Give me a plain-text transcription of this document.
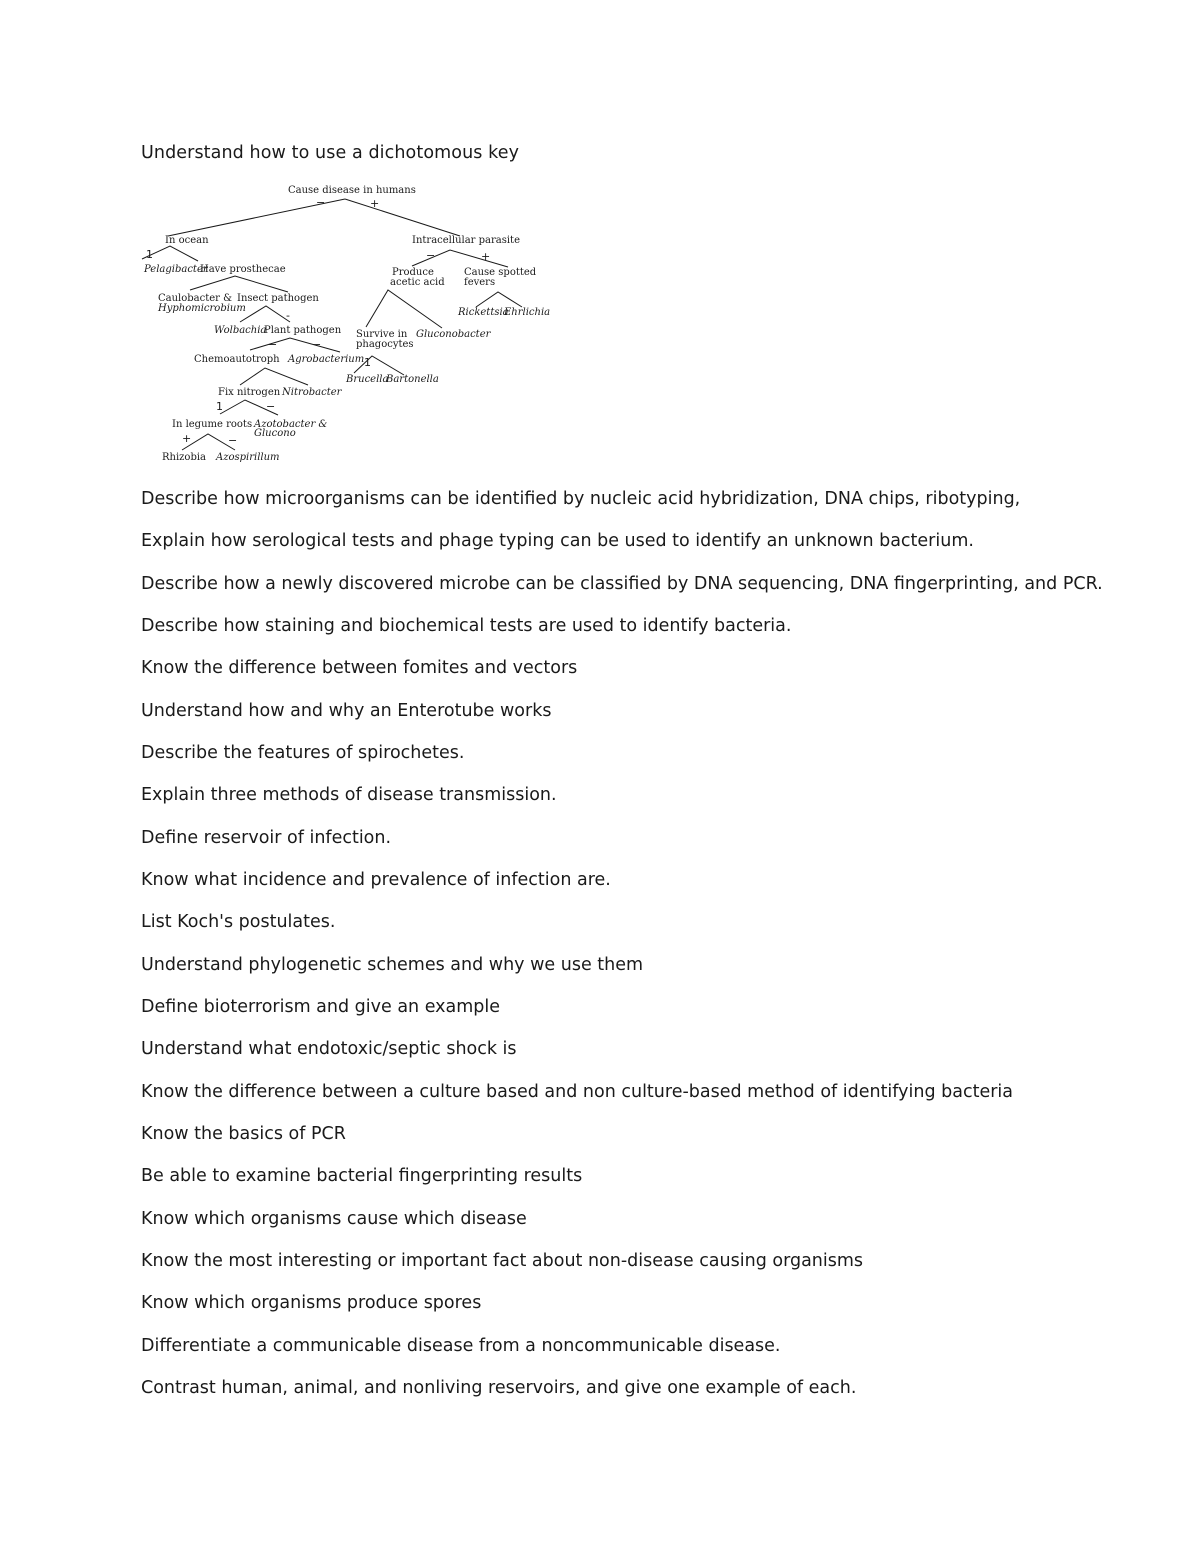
Understand how to use a dichotomous key
Cause disease in humans
−	+
In ocean
1
Pelagibacter
Have prosthecae
Caulobacter &
Hyphomicrobium
Insect pathogen
-
Wolbachia
Plant pathogen
−	−
Chemoautotroph Agrobacterium
Fix nitrogen Nitrobacter
1	−
In legume roots Azotobacter &
Glucono
+	−
Rhizobia Azospirillum
Intracellular parasite
−	+
Produce
acetic acid
Cause spotted
fevers
Rickettsia
Ehrlichia
Survive in
phagocytes
Gluconobacter
1
Brucella
Bartonella
Describe how microorganisms can be identified by nucleic acid hybridization, DNA chips, ribotyping,
Explain how serological tests and phage typing can be used to identify an unknown bacterium.
Describe how a newly discovered microbe can be classified by DNA sequencing, DNA fingerprinting, and PCR.
Describe how staining and biochemical tests are used to identify bacteria.
Know the difference between fomites and vectors
Understand how and why an Enterotube works
Describe the features of spirochetes.
Explain three methods of disease transmission.
Define reservoir of infection.
Know what incidence and prevalence of infection are.
List Koch's postulates.
Understand phylogenetic schemes and why we use them
Define bioterrorism and give an example
Understand what endotoxic/septic shock is
Know the difference between a culture based and non culture-based method of identifying bacteria
Know the basics of PCR
Be able to examine bacterial fingerprinting results
Know which organisms cause which disease
Know the most interesting or important fact about non-disease causing organisms
Know which organisms produce spores
Differentiate a communicable disease from a noncommunicable disease.
Contrast human, animal, and nonliving reservoirs, and give one example of each.
